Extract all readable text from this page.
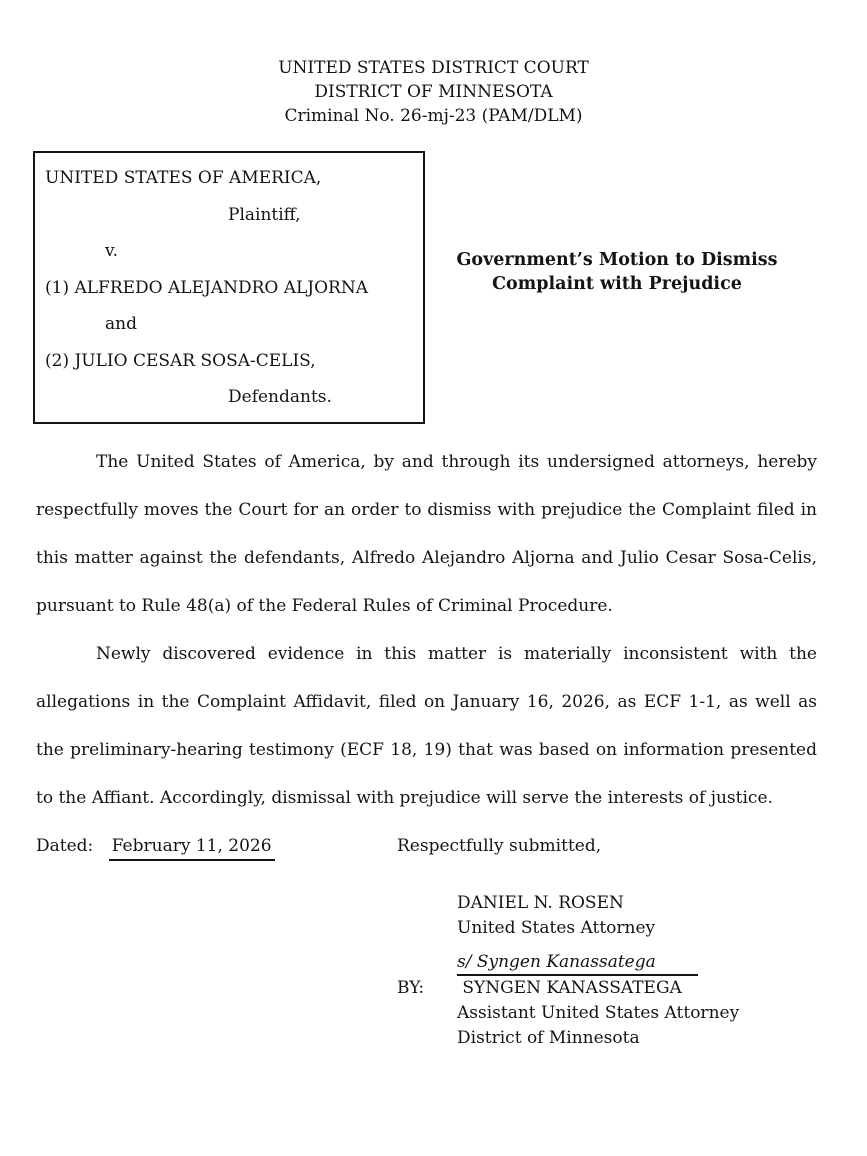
UNITED STATES DISTRICT COURT
DISTRICT OF MINNESOTA
Criminal No. 26-mj-23 (PAM/DLM)
UNITED STATES OF AMERICA,
Plaintiff,
v.
(1) ALFREDO ALEJANDRO ALJORNA
and
(2) JULIO CESAR SOSA-CELIS,
Defendants.
Government’s Motion to Dismiss Complaint with Prejudice

The United States of America, by and through its undersigned attorneys, hereby respectfully moves the Court for an order to dismiss with prejudice the Complaint filed in this matter against the defendants, Alfredo Alejandro Aljorna and Julio Cesar Sosa-Celis, pursuant to Rule 48(a) of the Federal Rules of Criminal Procedure.

Newly discovered evidence in this matter is materially inconsistent with the allegations in the Complaint Affidavit, filed on January 16, 2026, as ECF 1-1, as well as the preliminary-hearing testimony (ECF 18, 19) that was based on information presented to the Affiant. Accordingly, dismissal with prejudice will serve the interests of justice.

Dated: February 11, 2026	Respectfully submitted,
DANIEL N. ROSEN
United States Attorney
s/ Syngen Kanassatega
BY: SYNGEN KANASSATEGA
Assistant United States Attorney
District of Minnesota
